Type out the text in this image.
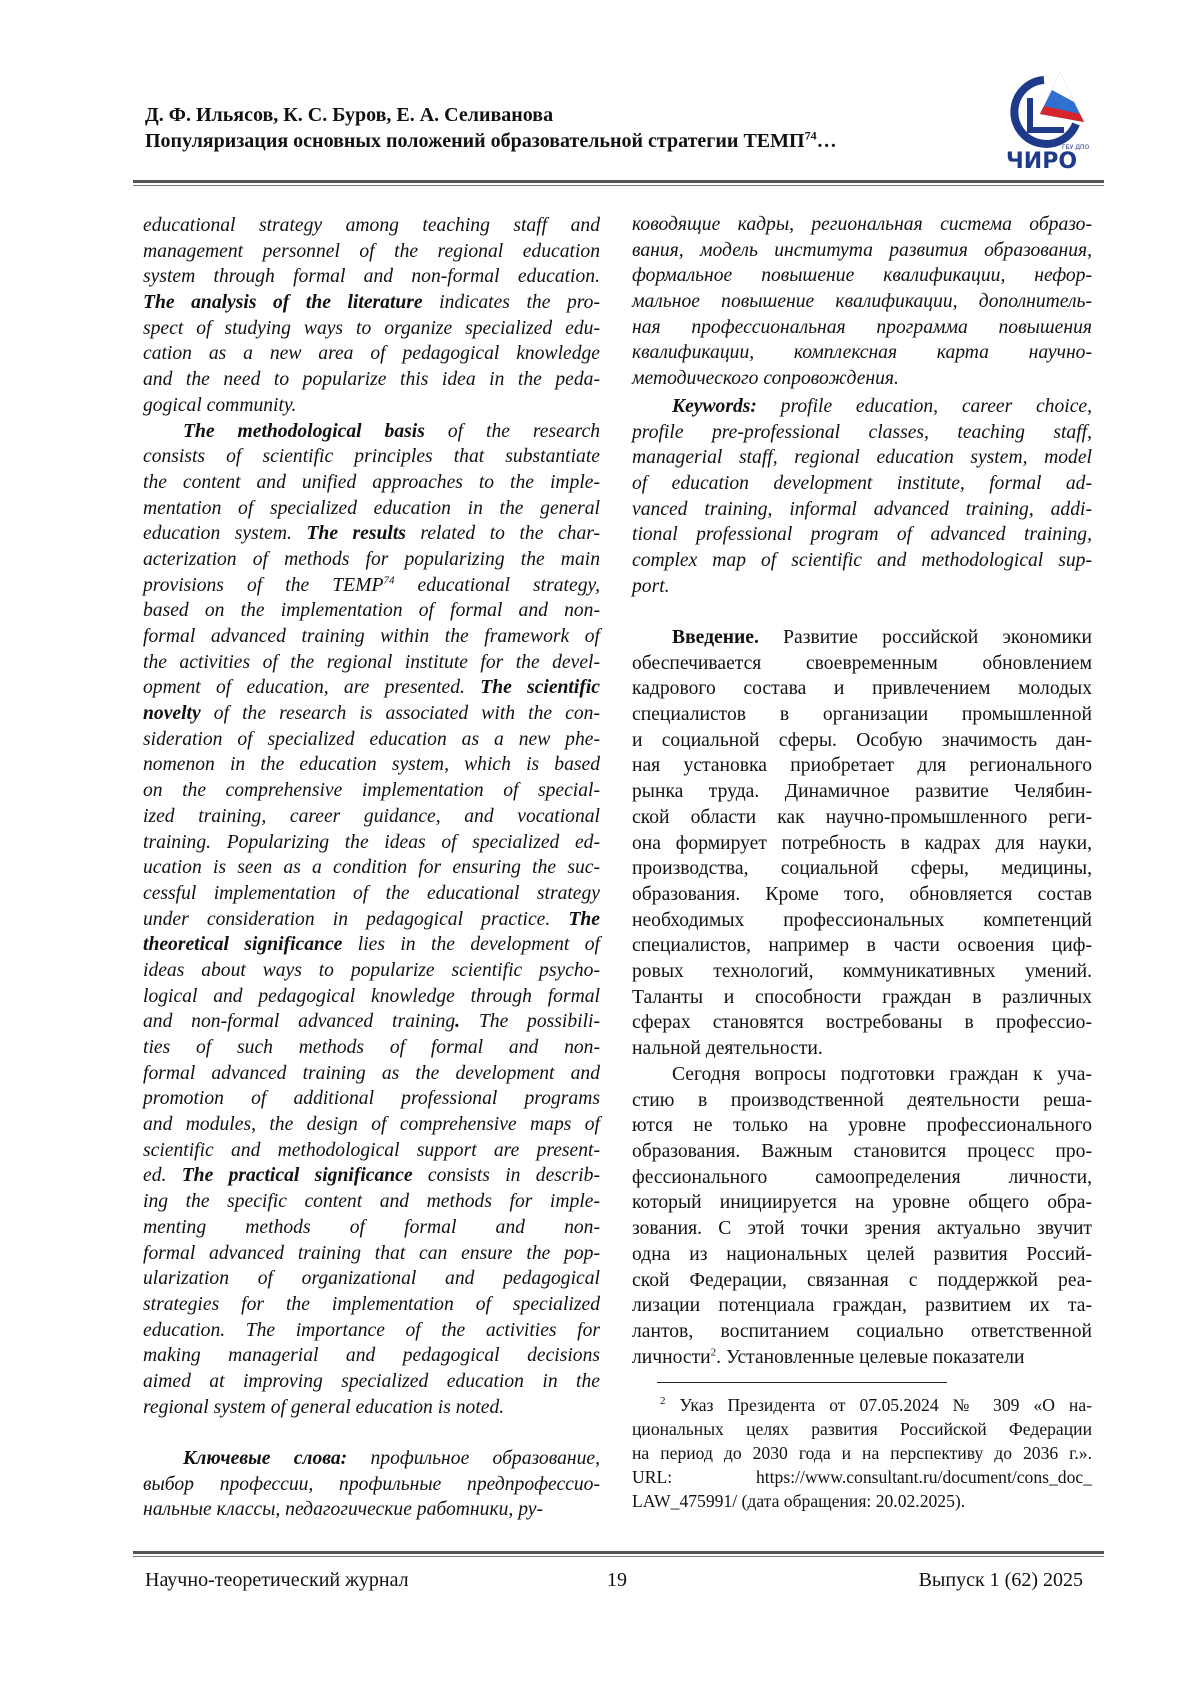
Д. Ф. Ильясов, К. С. Буров, Е. А. Селиванова
Популяризация основных положений образовательной стратегии ТЕМП74…	ГБУ ДПО
ЧИРО
educational strategy among teaching staff and
management personnel of the regional education
system through formal and non-formal education.
The analysis of the literature indicates the pro-
spect of studying ways to organize specialized edu-
cation as a new area of pedagogical knowledge
and the need to popularize this idea in the peda-
gogical community.
The methodological basis of the research
consists of scientific principles that substantiate
the content and unified approaches to the imple-
mentation of specialized education in the general
education system. The results related to the char-
acterization of methods for popularizing the main
provisions of the TEMP74 educational strategy,
based on the implementation of formal and non-
formal advanced training within the framework of
the activities of the regional institute for the devel-
opment of education, are presented. The scientific
novelty of the research is associated with the con-
sideration of specialized education as a new phe-
nomenon in the education system, which is based
on the comprehensive implementation of special-
ized training, career guidance, and vocational
training. Popularizing the ideas of specialized ed-
ucation is seen as a condition for ensuring the suc-
cessful implementation of the educational strategy
under consideration in pedagogical practice. The
theoretical significance lies in the development of
ideas about ways to popularize scientific psycho-
logical and pedagogical knowledge through formal
and non-formal advanced training. The possibili-
ties of such methods of formal and non-
formal advanced training as the development and
promotion of additional professional programs
and modules, the design of comprehensive maps of
scientific and methodological support are present-
ed. The practical significance consists in describ-
ing the specific content and methods for imple-
menting methods of formal and non-
formal advanced training that can ensure the pop-
ularization of organizational and pedagogical
strategies for the implementation of specialized
education. The importance of the activities for
making managerial and pedagogical decisions
aimed at improving specialized education in the
regional system of general education is noted.
Ключевые слова: профильное образование,
выбор профессии, профильные предпрофессио-
нальные классы, педагогические работники, ру-
ководящие кадры, региональная система образо-
вания, модель института развития образования,
формальное повышение квалификации, нефор-
мальное повышение квалификации, дополнитель-
ная профессиональная программа повышения
квалификации, комплексная карта научно-
методического сопровождения.
Keywords: profile education, career choice,
profile pre-professional classes, teaching staff,
managerial staff, regional education system, model
of education development institute, formal ad-
vanced training, informal advanced training, addi-
tional professional program of advanced training,
complex map of scientific and methodological sup-
port.
Введение. Развитие российской экономики
обеспечивается своевременным обновлением
кадрового состава и привлечением молодых
специалистов в организации промышленной
и социальной сферы. Особую значимость дан-
ная установка приобретает для регионального
рынка труда. Динамичное развитие Челябин-
ской области как научно-промышленного реги-
она формирует потребность в кадрах для науки,
производства, социальной сферы, медицины,
образования. Кроме того, обновляется состав
необходимых профессиональных компетенций
специалистов, например в части освоения циф-
ровых технологий, коммуникативных умений.
Таланты и способности граждан в различных
сферах становятся востребованы в профессио-
нальной деятельности.
Сегодня вопросы подготовки граждан к уча-
стию в производственной деятельности реша-
ются не только на уровне профессионального
образования. Важным становится процесс про-
фессионального самоопределения личности,
который инициируется на уровне общего обра-
зования. С этой точки зрения актуально звучит
одна из национальных целей развития Россий-
ской Федерации, связанная с поддержкой реа-
лизации потенциала граждан, развитием их та-
лантов, воспитанием социально ответственной
личности2. Установленные целевые показатели
2 Указ Президента от 07.05.2024 № 309 «О на-
циональных целях развития Российской Федерации
на период до 2030 года и на перспективу до 2036 г.».
URL: https://www.consultant.ru/document/cons_doc_
LAW_475991/ (дата обращения: 20.02.2025).
Научно-теоретический журнал	19	Выпуск 1 (62) 2025
